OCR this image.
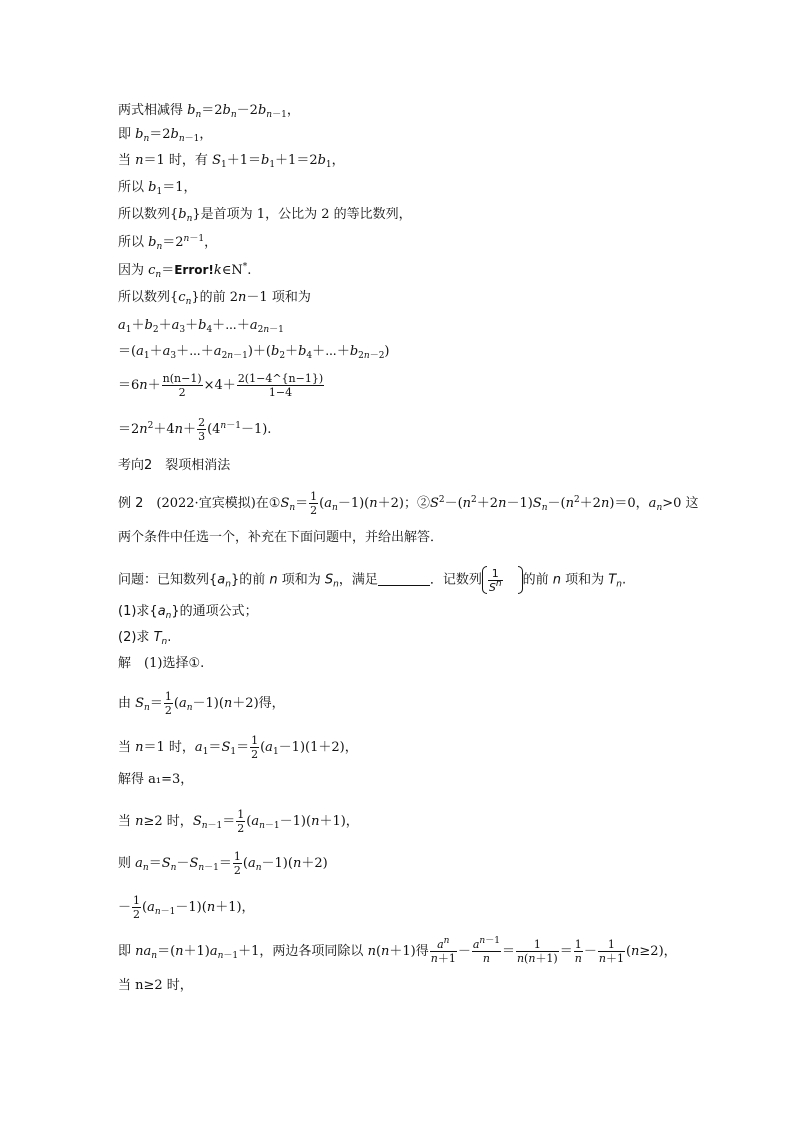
两式相减得 $b_n=2b_n-2b_{n-1}$，
即 $b_n=2b_{n-1}$，
当 n＝1 时，有 $S_1+1=b_1+1=2b_1$，
所以 $b_1=1$，
所以数列$\{b_n\}$是首项为 1，公比为 2 的等比数列，
所以 $b_n=2^{n-1}$，
因为 $c_n=Error!k\in N^*$.
所以数列$\{c_n\}$的前 2n－1 项和为
$a_1+b_2+a_3+b_4+\cdots+a_{2n-1}$
$=(a_1+a_3+\cdots+a_{2n-1})+(b_2+b_4+\cdots+b_{2n-2})$
$=6n+ \frac{n(n-1)}{2} \times 4+ \frac{2(1-4\^{}\{n-1\})}{1-4}$
$=2n^2+4n+ \frac{2}{3} (4^{n-1}-1)$.
考向2　裂项相消法
例 2　(2022·宜宾模拟)在$①S_n= \frac{1}{2} (a_n-1)(n+2)$；$②S^2-(n^2+2n-1)S_n-(n^2+2n)=0$，$a_n>0$ 这
两个条件中任选一个，补充在下面问题中，并给出解答．
问题：已知数列$\{a_n\}$的前 n 项和为 $S_n$，满足	．记数列 $\frac{1}{S^n}$ 的前 n 项和为 $T_n$.
(1)求$\{a_n\}$的通项公式；
(2)求 $T_n$.
解　(1)选择①.
由 $S_n= \frac{1}{2} (a_n-1)(n+2)$得，
当 n＝1 时，$a_1=S_1= \frac{1}{2} (a_1-1)(1+2)$，
解得 a₁=3，
当 n≥2 时，$S_{n-1}= \frac{1}{2} (a_{n-1}-1)(n+1)$，
则 $a_n=S_n-S_{n-1}= \frac{1}{2} (a_n-1)(n+2)$
－ $\frac{1}{2} (a_{n-1}-1)(n+1)$，
即 $na_n=(n+1)a_{n-1}+1$，两边各项同除以 n(n＋1)得 $\frac{a^n}{n+1} - \frac{a^{n-1}}{n} = \frac{1}{n(n+1)} = \frac{1}{n} - \frac{1}{n+1} (n\ge 2)$，
当 n≥2 时，
